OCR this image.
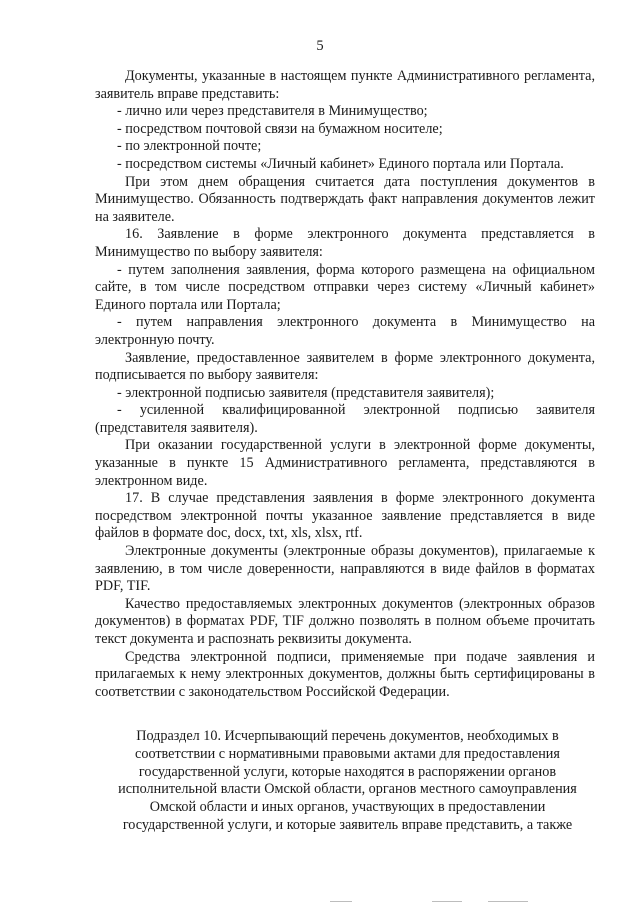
5

Документы, указанные в настоящем пункте Административного регламента, заявитель вправе представить:

- лично или через представителя в Минимущество;

- посредством почтовой связи на бумажном носителе;

- по электронной почте;

- посредством системы «Личный кабинет» Единого портала или Портала.

При этом днем обращения считается дата поступления документов в Минимущество. Обязанность подтверждать факт направления документов лежит на заявителе.

16. Заявление в форме электронного документа представляется в Минимущество по выбору заявителя:

- путем заполнения заявления, форма которого размещена на официальном сайте, в том числе посредством отправки через систему «Личный кабинет» Единого портала или Портала;

- путем направления электронного документа в Минимущество на электронную почту.

Заявление, предоставленное заявителем в форме электронного документа, подписывается по выбору заявителя:

- электронной подписью заявителя (представителя заявителя);

- усиленной квалифицированной электронной подписью заявителя (представителя заявителя).

При оказании государственной услуги в электронной форме документы, указанные в пункте 15 Административного регламента, представляются в электронном виде.

17. В случае представления заявления в форме электронного документа посредством электронной почты указанное заявление представляется в виде файлов в формате doc, docx, txt, xls, xlsx, rtf.

Электронные документы (электронные образы документов), прилагаемые к заявлению, в том числе доверенности, направляются в виде файлов в форматах PDF, TIF.

Качество предоставляемых электронных документов (электронных образов документов) в форматах PDF, TIF должно позволять в полном объеме прочитать текст документа и распознать реквизиты документа.

Средства электронной подписи, применяемые при подаче заявления и прилагаемых к нему электронных документов, должны быть сертифицированы в соответствии с законодательством Российской Федерации.

Подраздел 10. Исчерпывающий перечень документов, необходимых в
соответствии с нормативными правовыми актами для предоставления
государственной услуги, которые находятся в распоряжении органов
исполнительной власти Омской области, органов местного самоуправления
Омской области и иных органов, участвующих в предоставлении
государственной услуги, и которые заявитель вправе представить, а также
